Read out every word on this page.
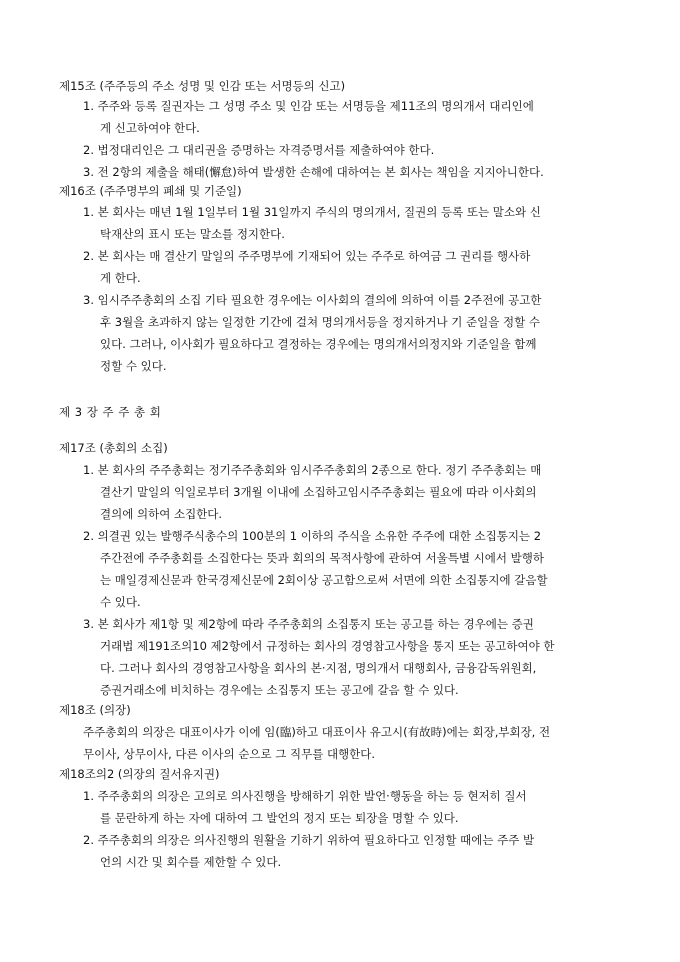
제15조 (주주등의 주소 성명 및 인감 또는 서명등의 신고)
1. 주주와 등록 질권자는 그 성명 주소 및 인감 또는 서명등을 제11조의 명의개서 대리인에
게 신고하여야 한다.
2. 법정대리인은 그 대리권을 증명하는 자격증명서를 제출하여야 한다.
3. 전 2항의 제출을 해태(懈怠)하여 발생한 손해에 대하여는 본 회사는 책임을 지지아니한다.
제16조 (주주명부의 폐쇄 및 기준일)
1. 본 회사는 매년 1월 1일부터 1월 31일까지 주식의 명의개서, 질권의 등록 또는 말소와 신
탁재산의 표시 또는 말소를 정지한다.
2. 본 회사는 매 결산기 말일의 주주명부에 기재되어 있는 주주로 하여금 그 권리를 행사하
게 한다.
3. 임시주주총회의 소집 기타 필요한 경우에는 이사회의 결의에 의하여 이를 2주전에 공고한
후 3월을 초과하지 않는 일정한 기간에 걸쳐 명의개서등을 정지하거나 기 준일을 정할 수
있다. 그러나, 이사회가 필요하다고 결정하는 경우에는 명의개서의정지와 기준일을 함께
정할 수 있다.
제 3 장 주 주 총 회
제17조 (총회의 소집)
1. 본 회사의 주주총회는 정기주주총회와 임시주주총회의 2종으로 한다. 정기 주주총회는 매
결산기 말일의 익일로부터 3개월 이내에 소집하고임시주주총회는 필요에 따라 이사회의
결의에 의하여 소집한다.
2. 의결권 있는 발행주식총수의 100분의 1 이하의 주식을 소유한 주주에 대한 소집통지는 2
주간전에 주주총회를 소집한다는 뜻과 회의의 목적사항에 관하여 서울특별 시에서 발행하
는 매일경제신문과 한국경제신문에 2회이상 공고함으로써 서면에 의한 소집통지에 갈음할
수 있다.
3. 본 회사가 제1항 및 제2항에 따라 주주총회의 소집통지 또는 공고를 하는 경우에는 증권
거래법 제191조의10 제2항에서 규정하는 회사의 경영참고사항을 통지 또는 공고하여야 한
다. 그러나 회사의 경영참고사항을 회사의 본·지점, 명의개서 대행회사, 금융감독위원회,
증권거래소에 비치하는 경우에는 소집통지 또는 공고에 갈음 할 수 있다.
제18조 (의장)
주주총회의 의장은 대표이사가 이에 임(臨)하고 대표이사 유고시(有故時)에는 회장,부회장, 전
무이사, 상무이사, 다른 이사의 순으로 그 직무를 대행한다.
제18조의2 (의장의 질서유지권)
1. 주주총회의 의장은 고의로 의사진행을 방해하기 위한 발언·행동을 하는 등 현저히 질서
를 문란하게 하는 자에 대하여 그 발언의 정지 또는 퇴장을 명할 수 있다.
2. 주주총회의 의장은 의사진행의 원활을 기하기 위하여 필요하다고 인정할 때에는 주주 발
언의 시간 및 회수를 제한할 수 있다.
